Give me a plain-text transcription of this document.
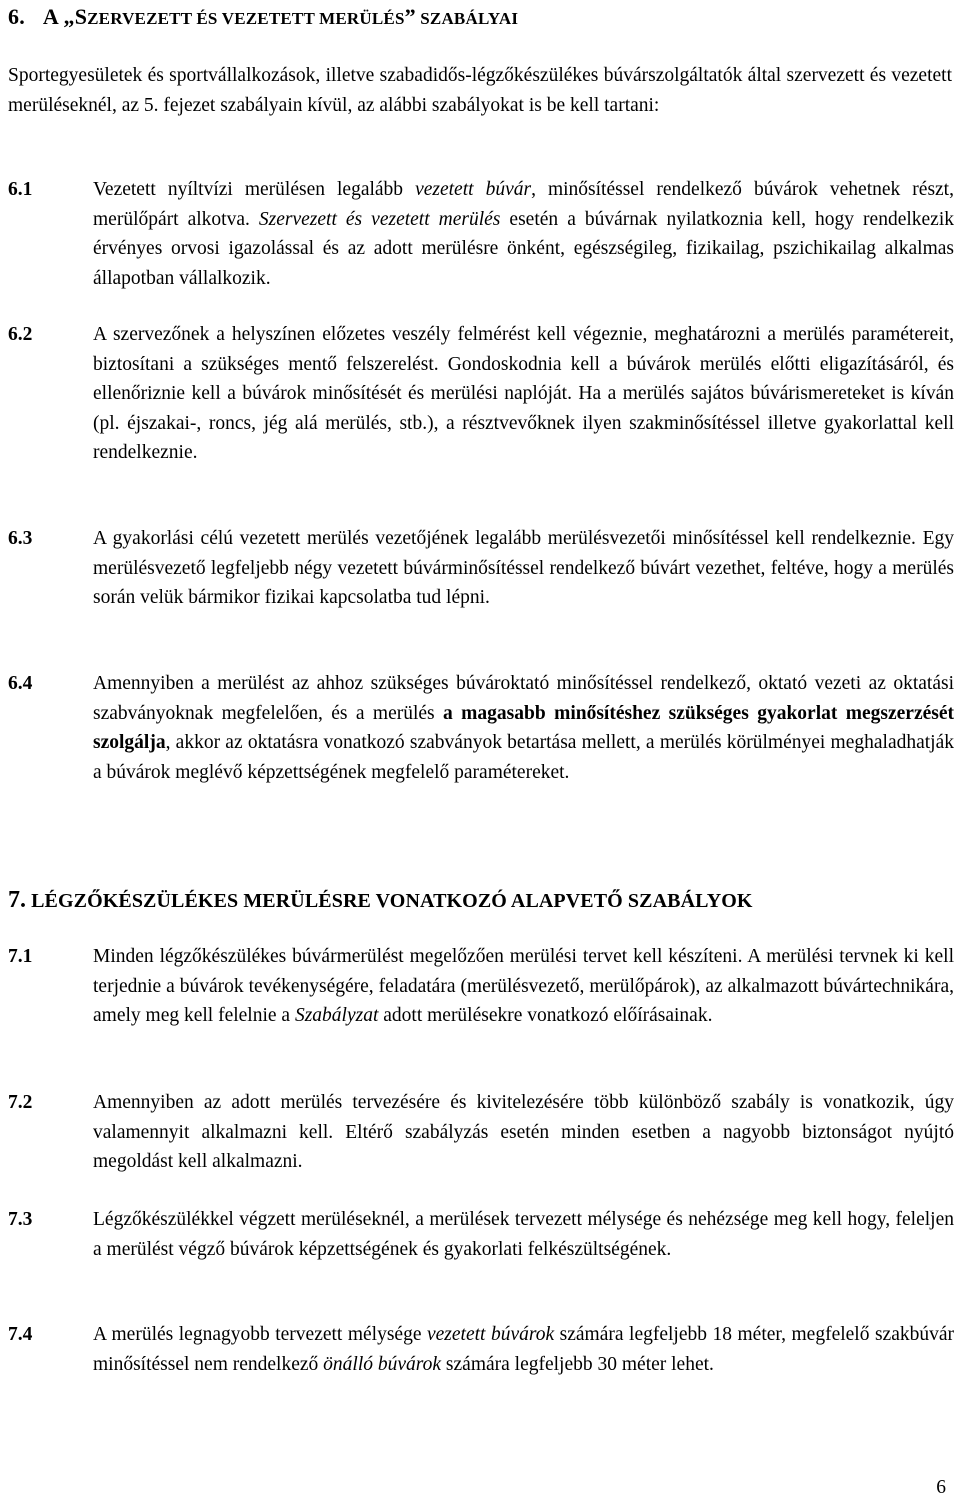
6. A „SZERVEZETT ÉS VEZETETT MERÜLÉS” SZABÁLYAI

Sportegyesületek és sportvállalkozások, illetve szabadidős-légzőkészülékes búvárszolgáltatók által szervezett és vezetett merüléseknél, az 5. fejezet szabályain kívül, az alábbi szabályokat is be kell tartani:

6.1	Vezetett nyíltvízi merülésen legalább vezetett búvár, minősítéssel rendelkező búvárok vehetnek részt, merülőpárt alkotva. Szervezett és vezetett merülés esetén a búvárnak nyilatkoznia kell, hogy rendelkezik érvényes orvosi igazolással és az adott merülésre önként, egészségileg, fizikailag, pszichikailag alkalmas állapotban vállalkozik.

6.2	A szervezőnek a helyszínen előzetes veszély felmérést kell végeznie, meghatározni a merülés paramétereit, biztosítani a szükséges mentő felszerelést. Gondoskodnia kell a búvárok merülés előtti eligazításáról, és ellenőriznie kell a búvárok minősítését és merülési naplóját. Ha a merülés sajátos búvárismereteket is kíván (pl. éjszakai-, roncs, jég alá merülés, stb.), a résztvevőknek ilyen szakminősítéssel illetve gyakorlattal kell rendelkeznie.

6.3	A gyakorlási célú vezetett merülés vezetőjének legalább merülésvezetői minősítéssel kell rendelkeznie. Egy merülésvezető legfeljebb négy vezetett búvárminősítéssel rendelkező búvárt vezethet, feltéve, hogy a merülés során velük bármikor fizikai kapcsolatba tud lépni.

6.4	Amennyiben a merülést az ahhoz szükséges búvároktató minősítéssel rendelkező, oktató vezeti az oktatási szabványoknak megfelelően, és a merülés a magasabb minősítéshez szükséges gyakorlat megszerzését szolgálja, akkor az oktatásra vonatkozó szabványok betartása mellett, a merülés körülményei meghaladhatják a búvárok meglévő képzettségének megfelelő paramétereket.

7. LÉGZŐKÉSZÜLÉKES MERÜLÉSRE VONATKOZÓ ALAPVETŐ SZABÁLYOK
7.1	Minden légzőkészülékes búvármerülést megelőzően merülési tervet kell készíteni. A merülési tervnek ki kell terjednie a búvárok tevékenységére, feladatára (merülésvezető, merülőpárok), az alkalmazott búvártechnikára, amely meg kell felelnie a Szabályzat adott merülésekre vonatkozó előírásainak.

7.2	Amennyiben az adott merülés tervezésére és kivitelezésére több különböző szabály is vonatkozik, úgy valamennyit alkalmazni kell. Eltérő szabályzás esetén minden esetben a nagyobb biztonságot nyújtó megoldást kell alkalmazni.

7.3	Légzőkészülékkel végzett merüléseknél, a merülések tervezett mélysége és nehézsége meg kell hogy, feleljen a merülést végző búvárok képzettségének és gyakorlati felkészültségének.

7.4	A merülés legnagyobb tervezett mélysége vezetett búvárok számára legfeljebb 18 méter, megfelelő szakbúvár minősítéssel nem rendelkező önálló búvárok számára legfeljebb 30 méter lehet.

6
